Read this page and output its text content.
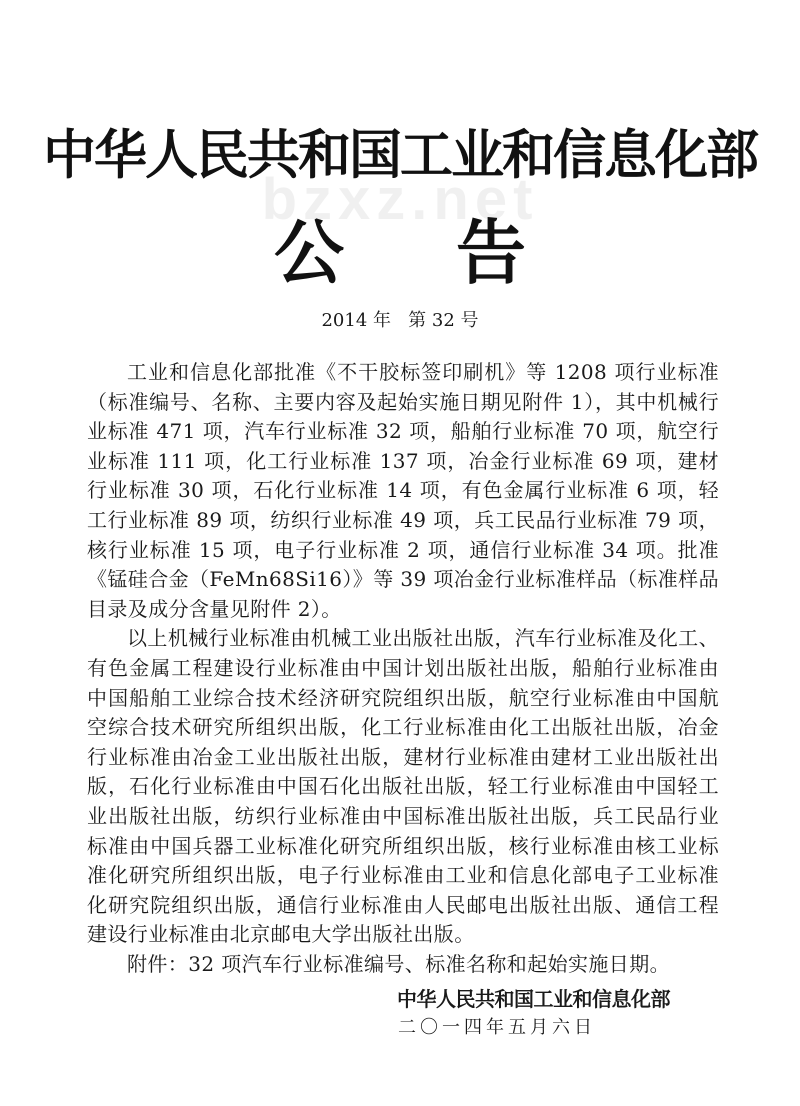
bzxz.net
中华人民共和国工业和信息化部
公告
2014 年   第 32 号

工业和信息化部批准《不干胶标签印刷机》等 1208 项行业标准（标准编号、名称、主要内容及起始实施日期见附件 1），其中机械行业标准 471 项，汽车行业标准 32 项，船舶行业标准 70 项，航空行业标准 111 项，化工行业标准 137 项，冶金行业标准 69 项，建材行业标准 30 项，石化行业标准 14 项，有色金属行业标准 6 项，轻工行业标准 89 项，纺织行业标准 49 项，兵工民品行业标准 79 项，核行业标准 15 项，电子行业标准 2 项，通信行业标准 34 项。批准《锰硅合金（FeMn68Si16）》等 39 项冶金行业标准样品（标准样品目录及成分含量见附件 2）。

以上机械行业标准由机械工业出版社出版，汽车行业标准及化工、有色金属工程建设行业标准由中国计划出版社出版，船舶行业标准由中国船舶工业综合技术经济研究院组织出版，航空行业标准由中国航空综合技术研究所组织出版，化工行业标准由化工出版社出版，冶金行业标准由冶金工业出版社出版，建材行业标准由建材工业出版社出版，石化行业标准由中国石化出版社出版，轻工行业标准由中国轻工业出版社出版，纺织行业标准由中国标准出版社出版，兵工民品行业标准由中国兵器工业标准化研究所组织出版，核行业标准由核工业标准化研究所组织出版，电子行业标准由工业和信息化部电子工业标准化研究院组织出版，通信行业标准由人民邮电出版社出版、通信工程建设行业标准由北京邮电大学出版社出版。

附件：32 项汽车行业标准编号、标准名称和起始实施日期。

中华人民共和国工业和信息化部
二〇一四年五月六日
